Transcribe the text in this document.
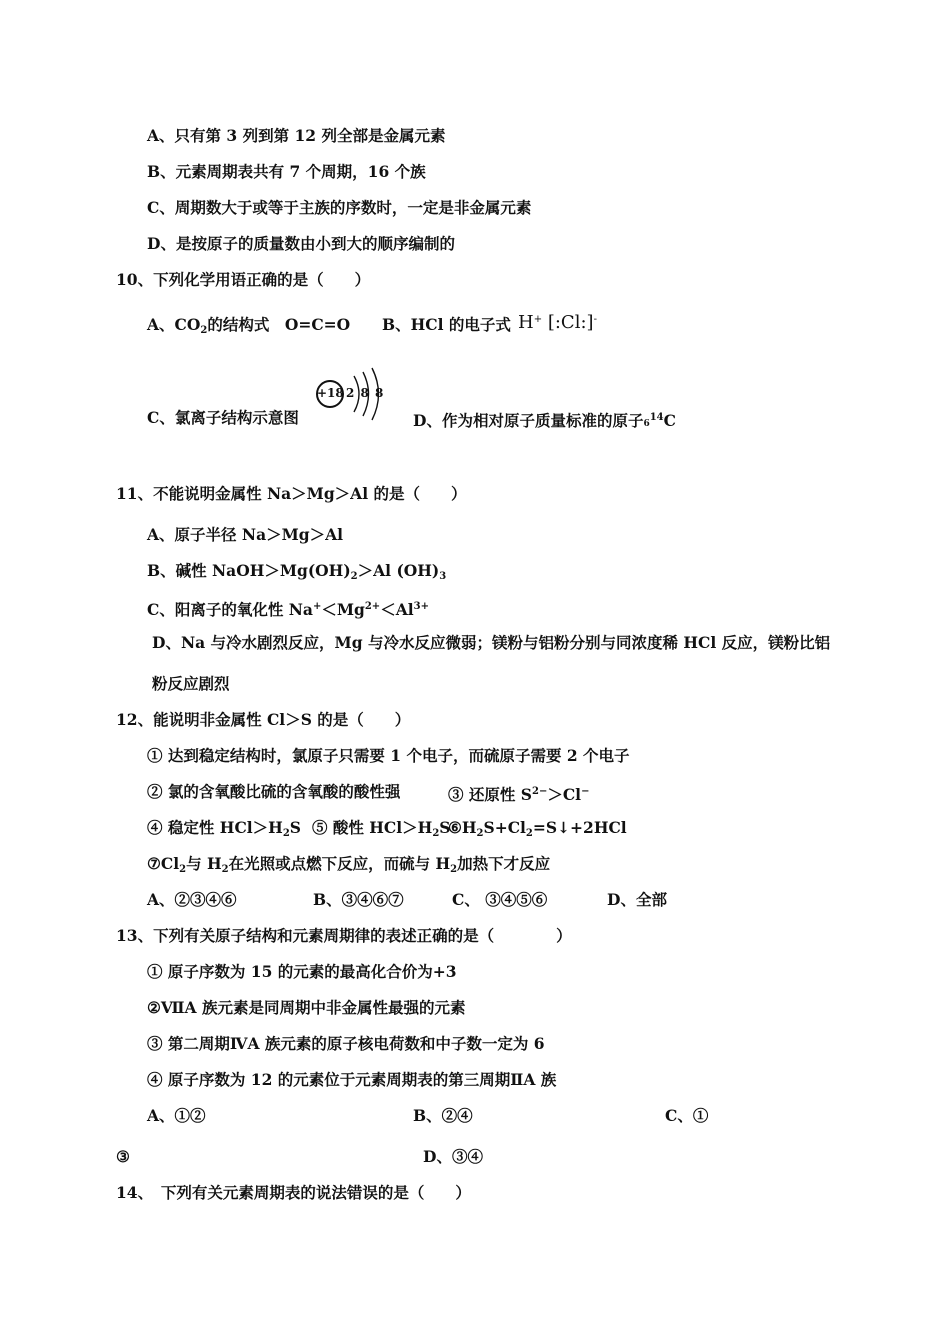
A、只有第 3 列到第 12 列全部是金属元素
B、元素周期表共有 7 个周期，16 个族
C、周期数大于或等于主族的序数时，一定是非金属元素
D、是按原子的质量数由小到大的顺序编制的
10、下列化学用语正确的是（　　）
A、$CO_2$的结构式　O=C=O B、HCl 的电子式 H+ [:Cl:]-
C、氯离子结构示意图
+18 2 8 8
D、作为相对原子质量标准的原子$6^{14}C$
11、不能说明金属性 Na＞Mg＞Al 的是（　　）
A、原子半径 Na＞Mg＞Al
B、碱性 $NaOH>Mg(OH)_2>Al$ $(OH)_3$
C、阳离子的氧化性 $Na^+<Mg^{2+}<Al^{3+}$
D、Na 与冷水剧烈反应，Mg 与冷水反应微弱；镁粉与铝粉分别与同浓度稀 HCl 反应，镁粉比铝
粉反应剧烈
12、能说明非金属性 Cl＞S 的是（　　）
① 达到稳定结构时，氯原子只需要 1 个电子，而硫原子需要 2 个电子
② 氯的含氧酸比硫的含氧酸的酸性强	③ 还原性 $S^{2-}>Cl^-$
④ 稳定性 $HCl>H_2S$ ⑤ 酸性 $HCl>H_2S$
$⑥H_2S+Cl_2=S↓+2HCl$
$⑦Cl_2$与 $H_2$在光照或点燃下反应，而硫与 $H_2$加热下才反应
A、②③④⑥	B、③④⑥⑦	C、 ③④⑤⑥	D、全部
13、下列有关原子结构和元素周期律的表述正确的是（　　　　）
① 原子序数为 15 的元素的最高化合价为+3
②ⅦA 族元素是同周期中非金属性最强的元素
③ 第二周期ⅣA 族元素的原子核电荷数和中子数一定为 6
④ 原子序数为 12 的元素位于元素周期表的第三周期ⅡA 族
A、①②	B、②④	C、①
③	D、③④
14、　下列有关元素周期表的说法错误的是（　　）
